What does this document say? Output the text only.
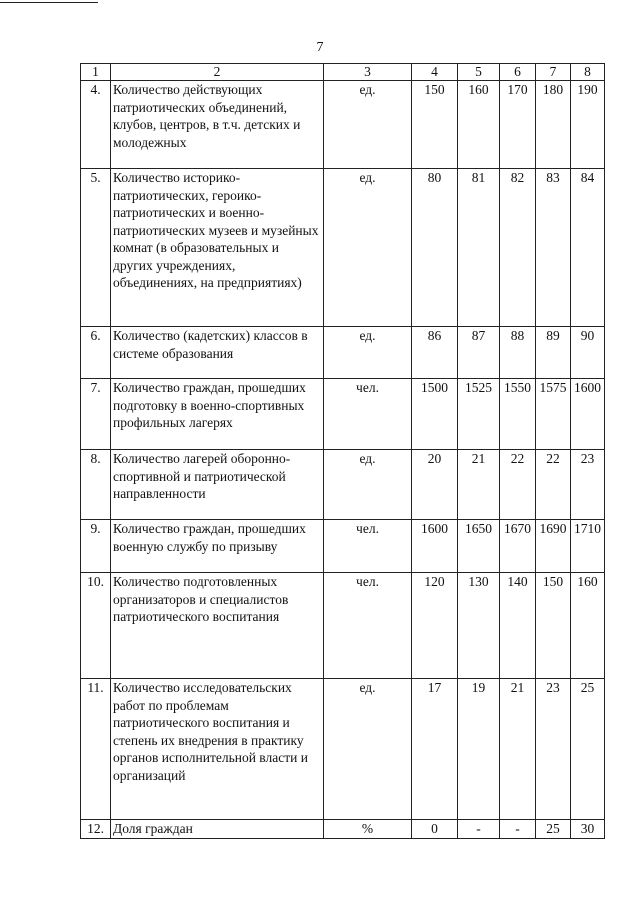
7
1	2	3	4	5	6	7	8
4.	Количество действующих патриотических объединений, клубов, центров, в т.ч. детских и молодежных	ед.	150	160	170	180	190
5.	Количество историко-патриотических, героико-патриотических и военно-патриотических музеев и музейных комнат (в образовательных и других учреждениях, объединениях, на предприятиях)	ед.	80	81	82	83	84
6.	Количество (кадетских) классов в системе образования	ед.	86	87	88	89	90
7.	Количество граждан, прошедших подготовку в военно-спортивных профильных лагерях	чел.	1500	1525	1550	1575	1600
8.	Количество лагерей оборонно-спортивной и патриотической направленности	ед.	20	21	22	22	23
9.	Количество граждан, прошедших военную службу по призыву	чел.	1600	1650	1670	1690	1710
10.	Количество подготовленных организаторов и специалистов патриотического воспитания	чел.	120	130	140	150	160
11.	Количество исследовательских работ по проблемам патриотического воспитания и степень их внедрения в практику органов исполнительной власти и организаций	ед.	17	19	21	23	25
12.	Доля граждан	%	0	-	-	25	30
